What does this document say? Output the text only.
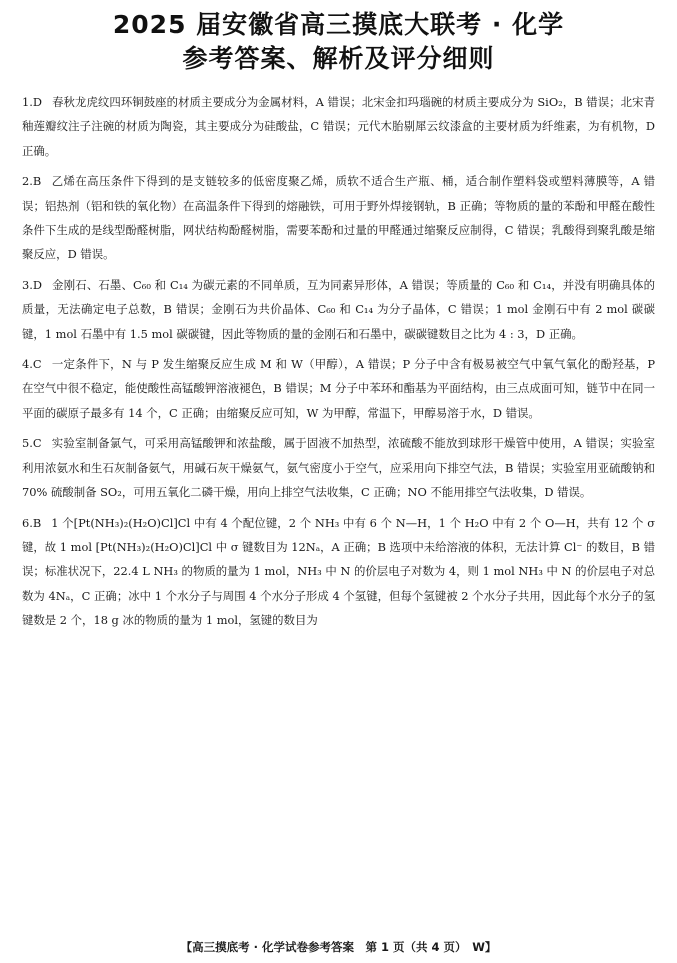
2025 届安徽省高三摸底大联考 · 化学
参考答案、解析及评分细则
1.D 春秋龙虎纹四环铜鼓座的材质主要成分为金属材料，A 错误；北宋金扣玛瑙碗的材质主要成分为 SiO₂，B 错误；北宋青釉莲瓣纹注子注碗的材质为陶瓷，其主要成分为硅酸盐，C 错误；元代木胎剔犀云纹漆盒的主要材质为纤维素，为有机物，D 正确。
2.B 乙烯在高压条件下得到的是支链较多的低密度聚乙烯，质软不适合生产瓶、桶，适合制作塑料袋或塑料薄膜等，A 错误；铝热剂（铝和铁的氧化物）在高温条件下得到的熔融铁，可用于野外焊接钢轨，B 正确；等物质的量的苯酚和甲醛在酸性条件下生成的是线型酚醛树脂，网状结构酚醛树脂，需要苯酚和过量的甲醛通过缩聚反应制得，C 错误；乳酸得到聚乳酸是缩聚反应，D 错误。
3.D 金刚石、石墨、C₆₀ 和 C₁₄ 为碳元素的不同单质，互为同素异形体，A 错误；等质量的 C₆₀ 和 C₁₄，并没有明确具体的质量，无法确定电子总数，B 错误；金刚石为共价晶体、C₆₀ 和 C₁₄ 为分子晶体，C 错误；1 mol 金刚石中有 2 mol 碳碳键，1 mol 石墨中有 1.5 mol 碳碳键，因此等物质的量的金刚石和石墨中，碳碳键数目之比为 4 : 3，D 正确。
4.C 一定条件下，N 与 P 发生缩聚反应生成 M 和 W（甲醇），A 错误；P 分子中含有极易被空气中氧气氧化的酚羟基，P 在空气中很不稳定，能使酸性高锰酸钾溶液褪色，B 错误；M 分子中苯环和酯基为平面结构，由三点成面可知，链节中在同一平面的碳原子最多有 14 个，C 正确；由缩聚反应可知，W 为甲醇，常温下，甲醇易溶于水，D 错误。
5.C 实验室制备氯气，可采用高锰酸钾和浓盐酸，属于固液不加热型，浓硫酸不能放到球形干燥管中使用，A 错误；实验室利用浓氨水和生石灰制备氨气，用碱石灰干燥氨气，氨气密度小于空气，应采用向下排空气法，B 错误；实验室用亚硫酸钠和 70% 硫酸制备 SO₂，可用五氧化二磷干燥，用向上排空气法收集，C 正确；NO 不能用排空气法收集，D 错误。
6.B 1 个[Pt(NH₃)₂(H₂O)Cl]Cl 中有 4 个配位键，2 个 NH₃ 中有 6 个 N—H，1 个 H₂O 中有 2 个 O—H，共有 12 个 σ 键，故 1 mol [Pt(NH₃)₂(H₂O)Cl]Cl 中 σ 键数目为 12Nₐ，A 正确；B 选项中未给溶液的体积，无法计算 Cl⁻ 的数目，B 错误；标准状况下，22.4 L NH₃ 的物质的量为 1 mol，NH₃ 中 N 的价层电子对数为 4，则 1 mol NH₃ 中 N 的价层电子对总数为 4Nₐ，C 正确；冰中 1 个水分子与周围 4 个水分子形成 4 个氢键，但每个氢键被 2 个水分子共用，因此每个水分子的氢键数是 2 个，18 g 冰的物质的量为 1 mol，氢键的数目为
【高三摸底考 · 化学试卷参考答案　第 1 页（共 4 页）　W】
